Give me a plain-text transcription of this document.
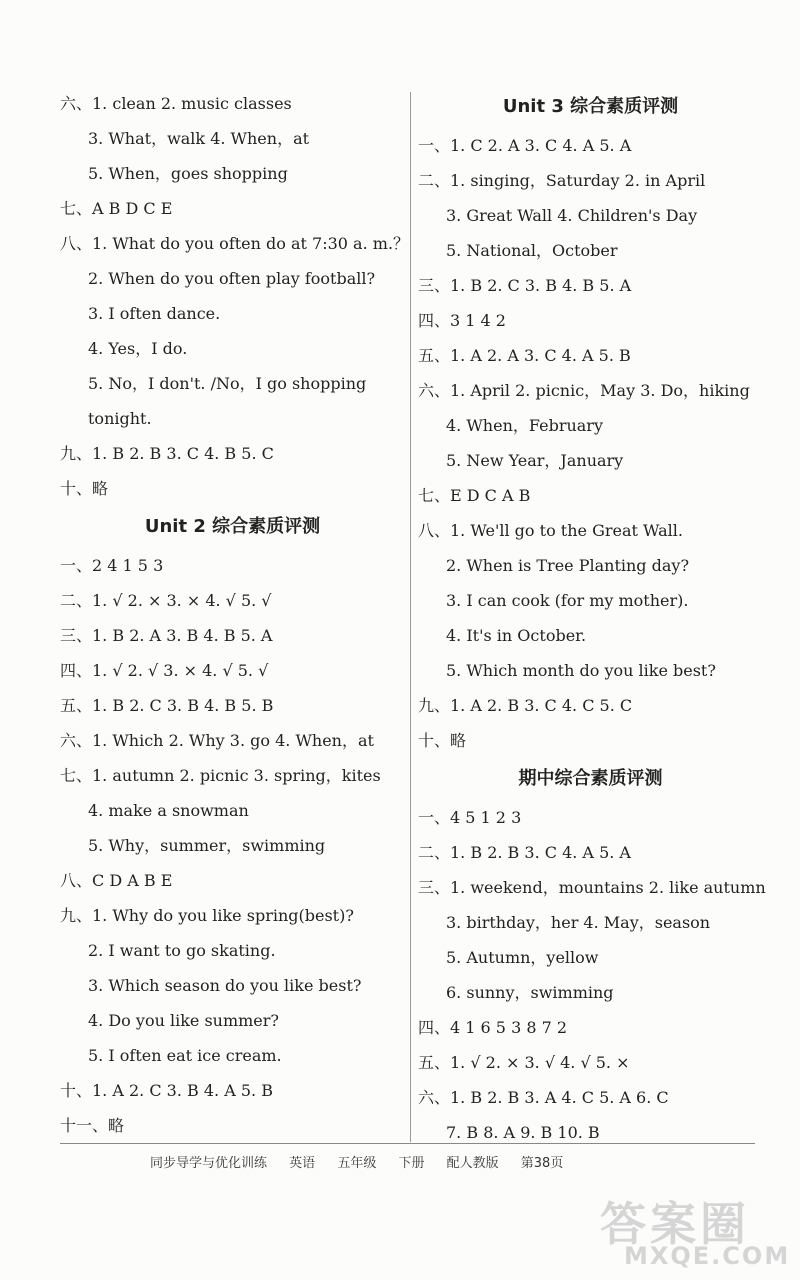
六、1. clean 2. music classes
3. What，walk 4. When，at
5. When，goes shopping
七、A B D C E
八、1. What do you often do at 7:30 a. m.？
2. When do you often play football?
3. I often dance.
4. Yes，I do.
5. No，I don't. /No，I go shopping
tonight.
九、1. B 2. B 3. C 4. B 5. C
十、略
Unit 2 综合素质评测
一、2 4 1 5 3
二、1. √ 2. × 3. × 4. √ 5. √
三、1. B 2. A 3. B 4. B 5. A
四、1. √ 2. √ 3. × 4. √ 5. √
五、1. B 2. C 3. B 4. B 5. B
六、1. Which 2. Why 3. go 4. When，at
七、1. autumn 2. picnic 3. spring，kites
4. make a snowman
5. Why，summer，swimming
八、C D A B E
九、1. Why do you like spring(best)?
2. I want to go skating.
3. Which season do you like best?
4. Do you like summer?
5. I often eat ice cream.
十、1. A 2. C 3. B 4. A 5. B
十一、略
Unit 3 综合素质评测
一、1. C 2. A 3. C 4. A 5. A
二、1. singing，Saturday 2. in April
3. Great Wall 4. Children's Day
5. National，October
三、1. B 2. C 3. B 4. B 5. A
四、3 1 4 2
五、1. A 2. A 3. C 4. A 5. B
六、1. April 2. picnic，May 3. Do，hiking
4. When，February
5. New Year，January
七、E D C A B
八、1. We'll go to the Great Wall.
2. When is Tree Planting day?
3. I can cook (for my mother).
4. It's in October.
5. Which month do you like best?
九、1. A 2. B 3. C 4. C 5. C
十、略
期中综合素质评测
一、4 5 1 2 3
二、1. B 2. B 3. C 4. A 5. A
三、1. weekend，mountains 2. like autumn
3. birthday，her 4. May，season
5. Autumn，yellow
6. sunny，swimming
四、4 1 6 5 3 8 7 2
五、1. √ 2. × 3. √ 4. √ 5. ×
六、1. B 2. B 3. A 4. C 5. A 6. C
7. B 8. A 9. B 10. B
同步导学与优化训练 英语 五年级 下册 配人教版 第38页
答案圈
MXQE.COM
